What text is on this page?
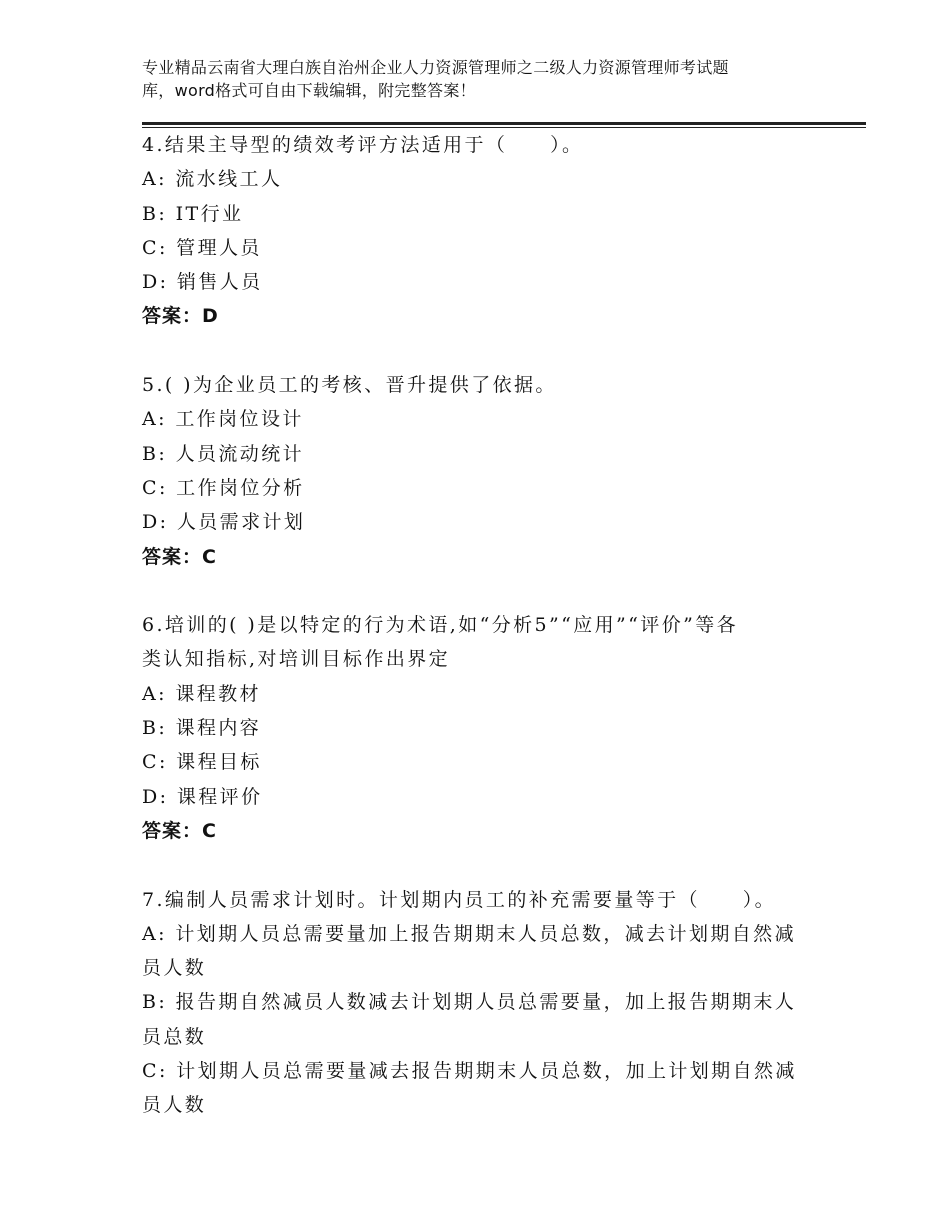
专业精品云南省大理白族自治州企业人力资源管理师之二级人力资源管理师考试题
库，word格式可自由下载编辑，附完整答案！
4.结果主导型的绩效考评方法适用于（　　）。
A: 流水线工人
B: IT行业
C: 管理人员
D: 销售人员
答案：D
5.( )为企业员工的考核、晋升提供了依据。
A: 工作岗位设计
B: 人员流动统计
C: 工作岗位分析
D: 人员需求计划
答案：C
6.培训的( )是以特定的行为术语,如“分析5”“应用”“评价”等各
类认知指标,对培训目标作出界定
A: 课程教材
B: 课程内容
C: 课程目标
D: 课程评价
答案：C
7.编制人员需求计划时。计划期内员工的补充需要量等于（　　）。
A: 计划期人员总需要量加上报告期期末人员总数，减去计划期自然减
员人数
B: 报告期自然减员人数减去计划期人员总需要量，加上报告期期末人
员总数
C: 计划期人员总需要量减去报告期期末人员总数，加上计划期自然减
员人数
